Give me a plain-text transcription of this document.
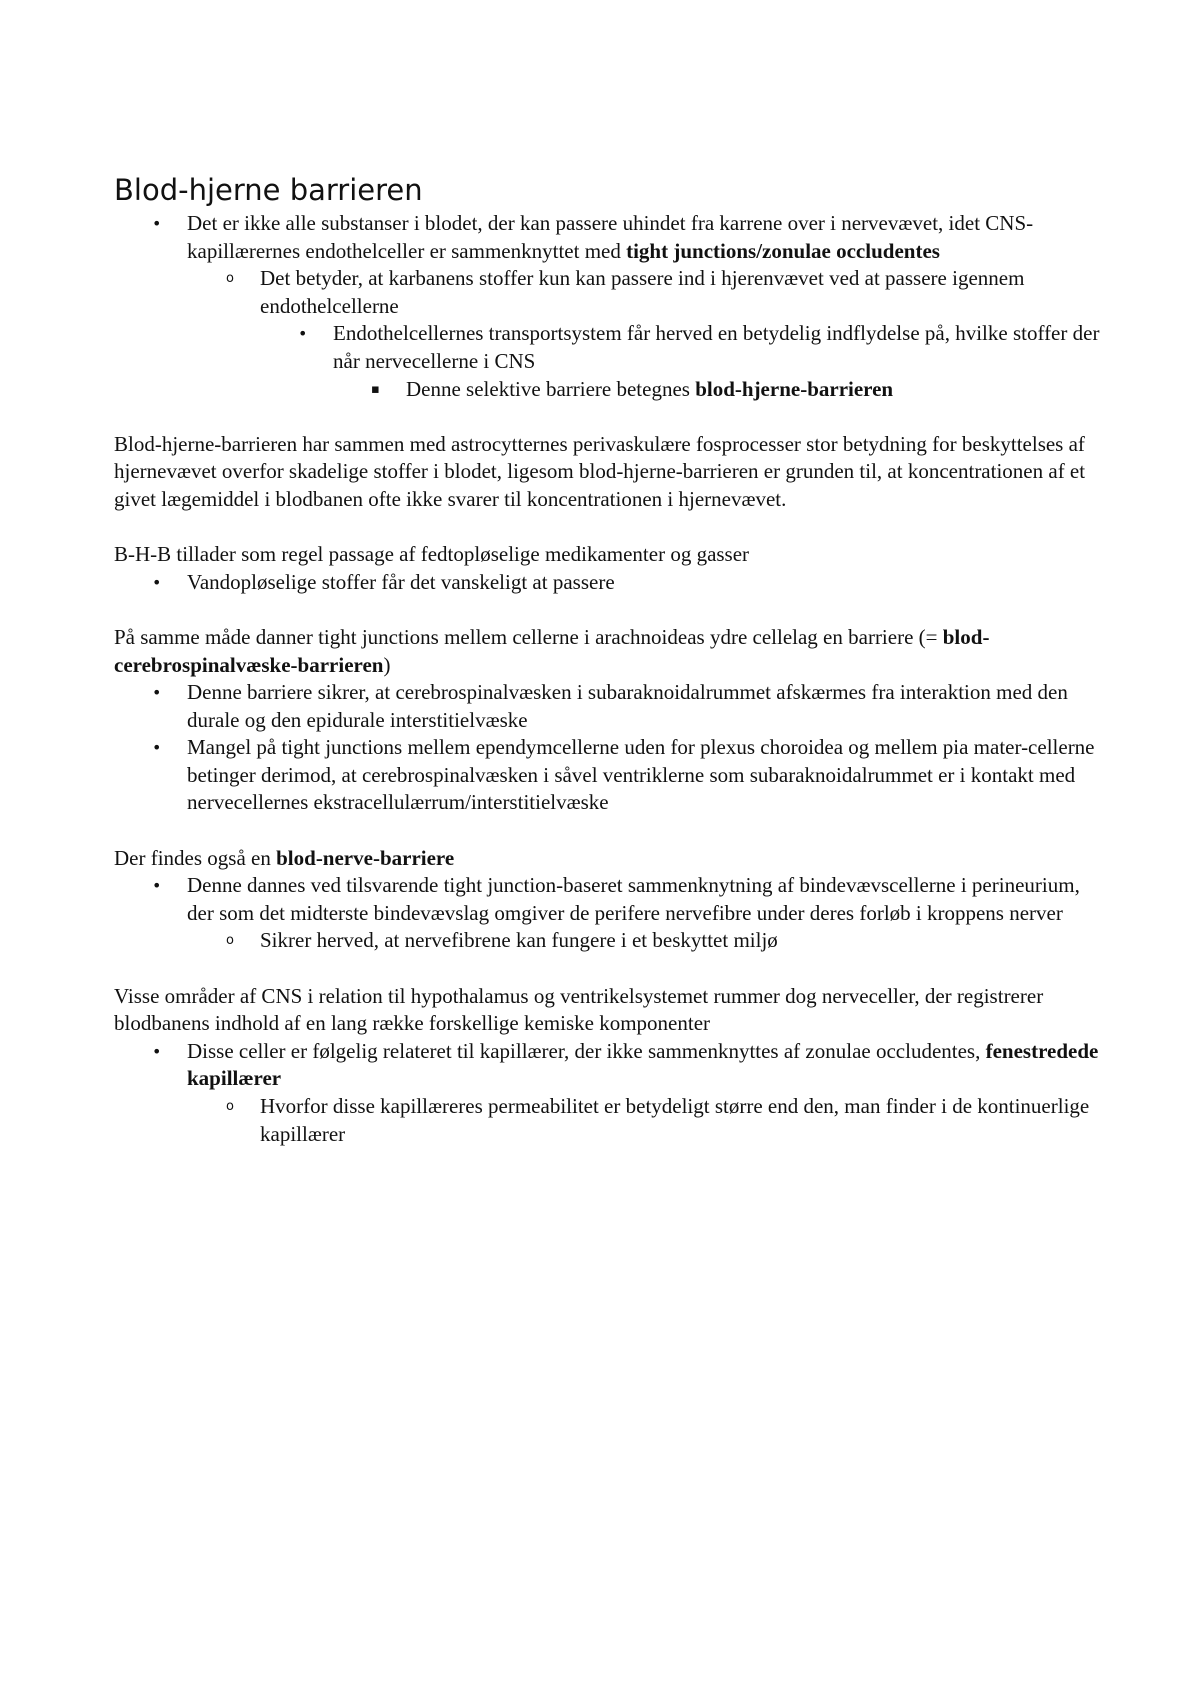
Blod-hjerne barrieren
• Det er ikke alle substanser i blodet, der kan passere uhindet fra karrene over i nervevævet, idet CNS-kapillærernes endothelceller er sammenknyttet med tight junctions/zonulae occludentes
o Det betyder, at karbanens stoffer kun kan passere ind i hjerenvævet ved at passere igennem endothelcellerne
• Endothelcellernes transportsystem får herved en betydelig indflydelse på, hvilke stoffer der når nervecellerne i CNS
▪ Denne selektive barriere betegnes blod-hjerne-barrieren

Blod-hjerne-barrieren har sammen med astrocytternes perivaskulære fosprocesser stor betydning for beskyttelses af hjernevævet overfor skadelige stoffer i blodet, ligesom blod-hjerne-barrieren er grunden til, at koncentrationen af et givet lægemiddel i blodbanen ofte ikke svarer til koncentrationen i hjernevævet.

B-H-B tillader som regel passage af fedtopløselige medikamenter og gasser

• Vandopløselige stoffer får det vanskeligt at passere

På samme måde danner tight junctions mellem cellerne i arachnoideas ydre cellelag en barriere (= blod-cerebrospinalvæske-barrieren)

• Denne barriere sikrer, at cerebrospinalvæsken i subaraknoidalrummet afskærmes fra interaktion med den durale og den epidurale interstitielvæske
• Mangel på tight junctions mellem ependymcellerne uden for plexus choroidea og mellem pia mater-cellerne betinger derimod, at cerebrospinalvæsken i såvel ventriklerne som subaraknoidalrummet er i kontakt med nervecellernes ekstracellulærrum/interstitielvæske

Der findes også en blod-nerve-barriere

• Denne dannes ved tilsvarende tight junction-baseret sammenknytning af bindevævscellerne i perineurium, der som det midterste bindevævslag omgiver de perifere nervefibre under deres forløb i kroppens nerver
o Sikrer herved, at nervefibrene kan fungere i et beskyttet miljø

Visse områder af CNS i relation til hypothalamus og ventrikelsystemet rummer dog nerveceller, der registrerer blodbanens indhold af en lang række forskellige kemiske komponenter

• Disse celler er følgelig relateret til kapillærer, der ikke sammenknyttes af zonulae occludentes, fenestredede kapillærer
o Hvorfor disse kapillæreres permeabilitet er betydeligt større end den, man finder i de kontinuerlige kapillærer
